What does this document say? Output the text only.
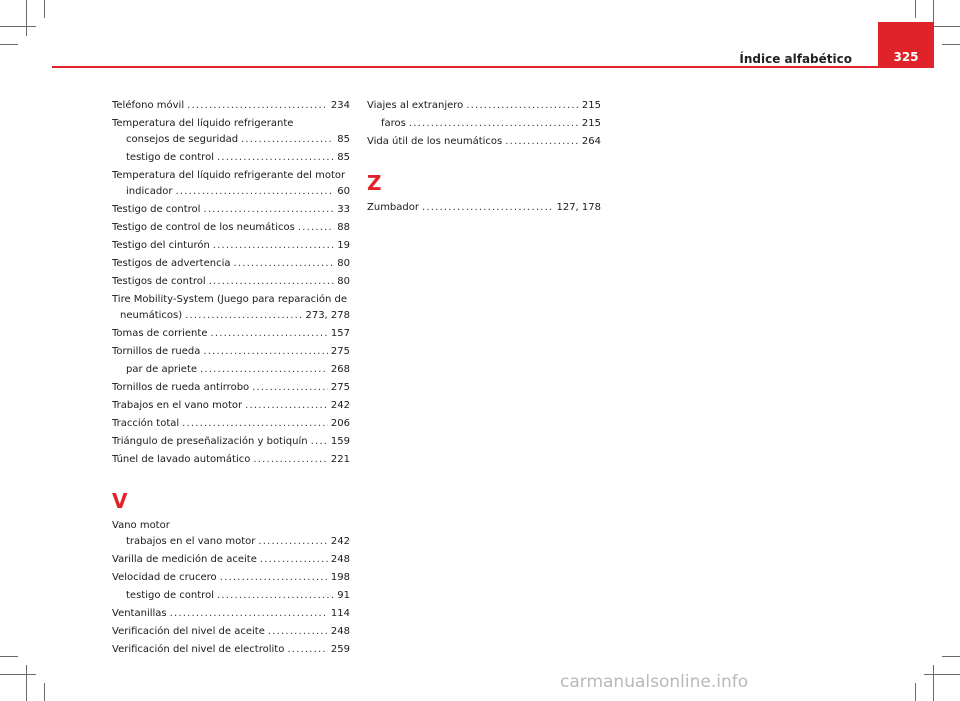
Índice alfabético	325
Teléfono móvil .....	234
Temperatura del líquido refrigerante
consejos de seguridad .....	85
testigo de control .....	85
Temperatura del líquido refrigerante del motor
indicador .....	60
Testigo de control .....	33
Testigo de control de los neumáticos .....	88
Testigo del cinturón .....	19
Testigos de advertencia .....	80
Testigos de control .....	80
Tire Mobility-System (Juego para reparación de
neumáticos) .....	273, 278
Tomas de corriente .....	157
Tornillos de rueda .....	275
par de apriete .....	268
Tornillos de rueda antirrobo .....	275
Trabajos en el vano motor .....	242
Tracción total .....	206
Triángulo de preseñalización y botiquín ..... 159
Túnel de lavado automático .....	221
V
Vano motor
trabajos en el vano motor .....	242
Varilla de medición de aceite .....	248
Velocidad de crucero .....	198
testigo de control .....	91
Ventanillas .....	114
Verificación del nivel de aceite .....	248
Verificación del nivel de electrolito .....	259
Viajes al extranjero .....	215
faros .....	215
Vida útil de los neumáticos .....	264
Z
Zumbador .....	127, 178
carmanualsonline.info
